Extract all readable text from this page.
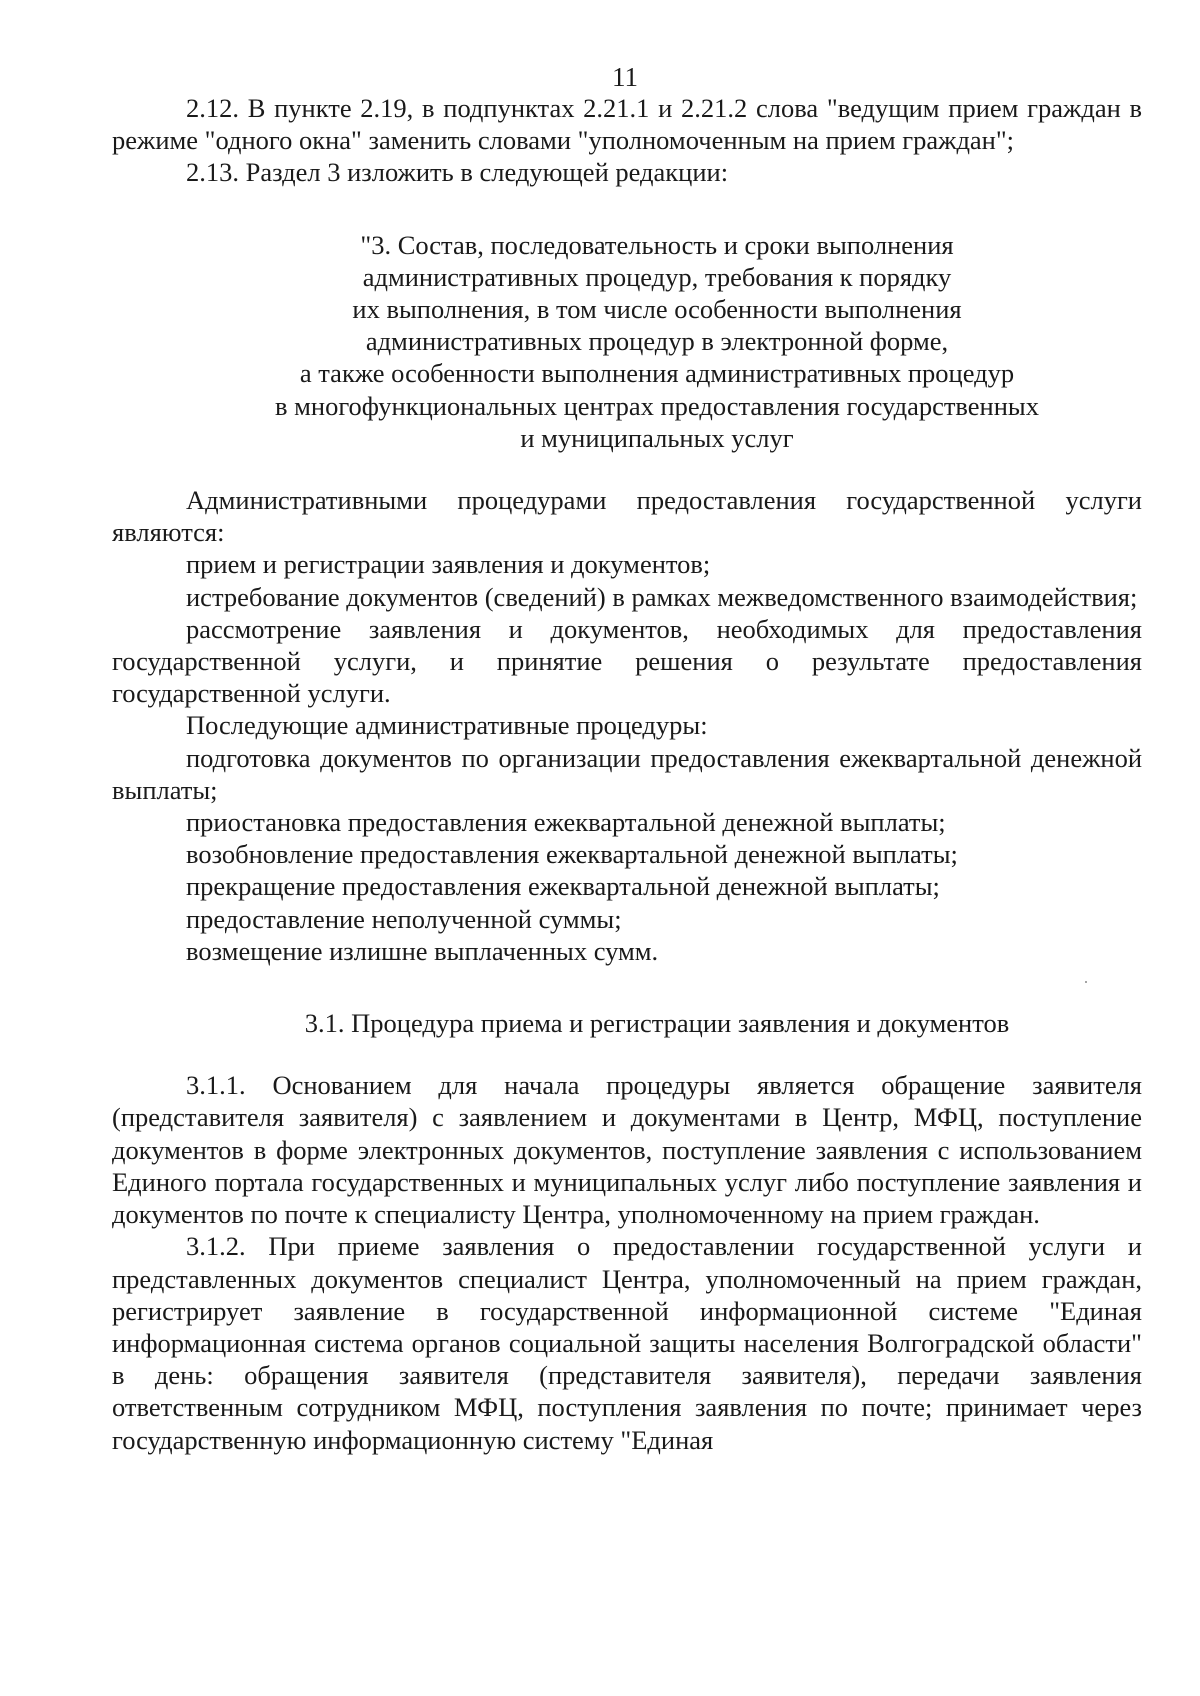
11

2.12. В пункте 2.19, в подпунктах 2.21.1 и 2.21.2 слова "ведущим прием граждан в режиме "одного окна" заменить словами "уполномоченным на прием граждан";

2.13. Раздел 3 изложить в следующей редакции:

"3. Состав, последовательность и сроки выполнения
административных процедур, требования к порядку
их выполнения, в том числе особенности выполнения
административных процедур в электронной форме,
а также особенности выполнения административных процедур
в многофункциональных центрах предоставления государственных
и муниципальных услуг

Административными процедурами предоставления государственной услуги являются:

прием и регистрации заявления и документов;

истребование документов (сведений) в рамках межведомственного взаимодействия;

рассмотрение заявления и документов, необходимых для предоставления государственной услуги, и принятие решения о результате предоставления государственной услуги.

Последующие административные процедуры:

подготовка документов по организации предоставления ежеквартальной денежной выплаты;

приостановка предоставления ежеквартальной денежной выплаты;

возобновление предоставления ежеквартальной денежной выплаты;

прекращение предоставления ежеквартальной денежной выплаты;

предоставление неполученной суммы;

возмещение излишне выплаченных сумм.

3.1. Процедура приема и регистрации заявления и документов

3.1.1. Основанием для начала процедуры является обращение заявителя (представителя заявителя) с заявлением и документами в Центр, МФЦ, поступление документов в форме электронных документов, поступление заявления с использованием Единого портала государственных и муниципальных услуг либо поступление заявления и документов по почте к специалисту Центра, уполномоченному на прием граждан.

3.1.2. При приеме заявления о предоставлении государственной услуги и представленных документов специалист Центра, уполномоченный на прием граждан, регистрирует заявление в государственной информационной системе "Единая информационная система органов социальной защиты населения Волгоградской области" в день: обращения заявителя (представителя заявителя), передачи заявления ответственным сотрудником МФЦ, поступления заявления по почте; принимает через государственную информационную систему "Единая
